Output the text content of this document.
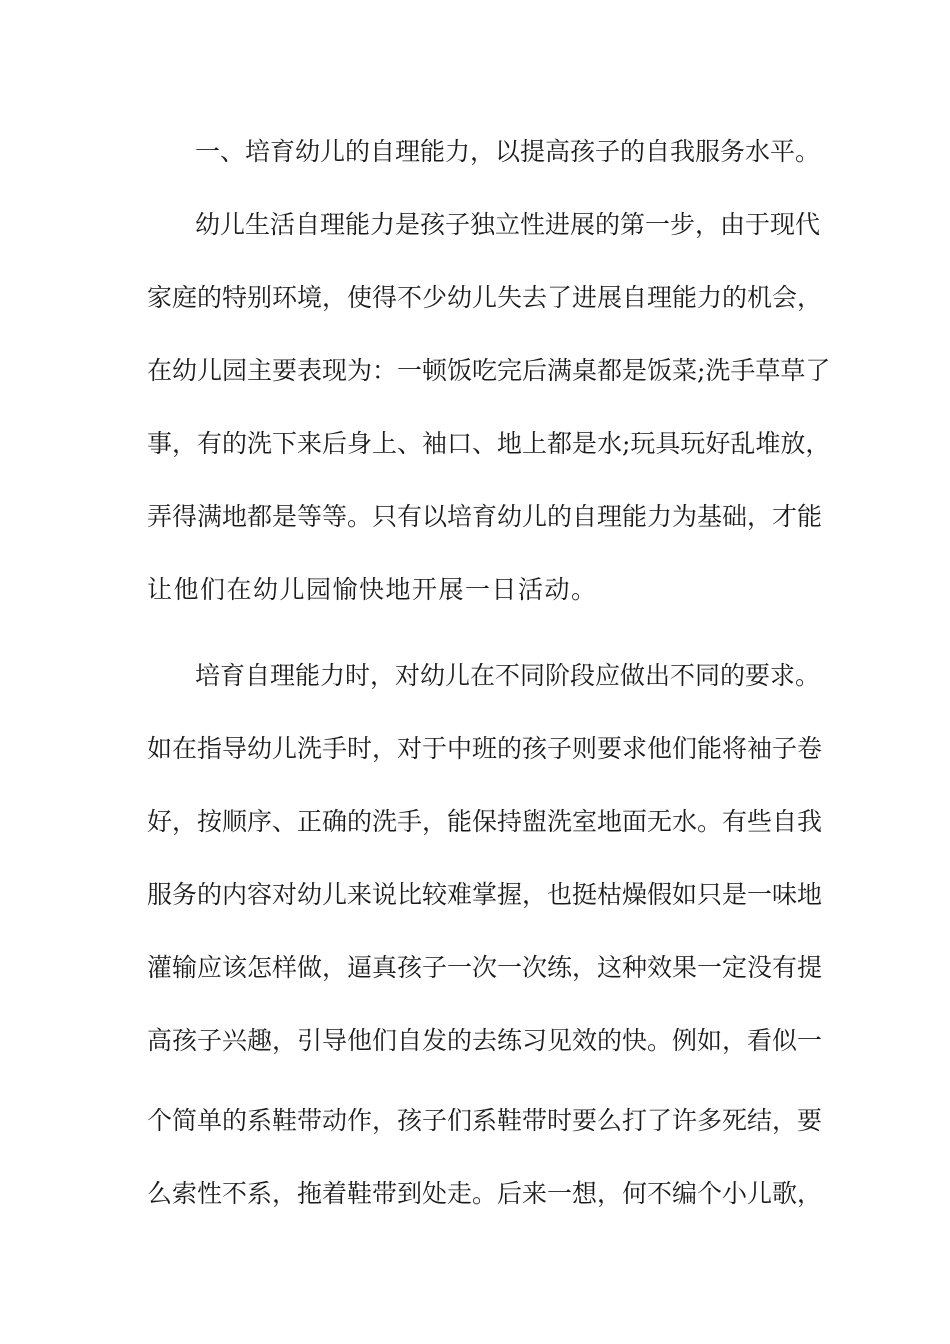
一、培育幼儿的自理能力，以提高孩子的自我服务水平。
幼儿生活自理能力是孩子独立性进展的第一步，由于现代
家庭的特别环境，使得不少幼儿失去了进展自理能力的机会，
在幼儿园主要表现为：一顿饭吃完后满桌都是饭菜;洗手草草了
事，有的洗下来后身上、袖口、地上都是水;玩具玩好乱堆放，
弄得满地都是等等。只有以培育幼儿的自理能力为基础，才能
让他们在幼儿园愉快地开展一日活动。
培育自理能力时，对幼儿在不同阶段应做出不同的要求。
如在指导幼儿洗手时，对于中班的孩子则要求他们能将袖子卷
好，按顺序、正确的洗手，能保持盥洗室地面无水。有些自我
服务的内容对幼儿来说比较难掌握，也挺枯燥假如只是一味地
灌输应该怎样做，逼真孩子一次一次练，这种效果一定没有提
高孩子兴趣，引导他们自发的去练习见效的快。例如，看似一
个简单的系鞋带动作，孩子们系鞋带时要么打了许多死结，要
么索性不系，拖着鞋带到处走。后来一想，何不编个小儿歌，
